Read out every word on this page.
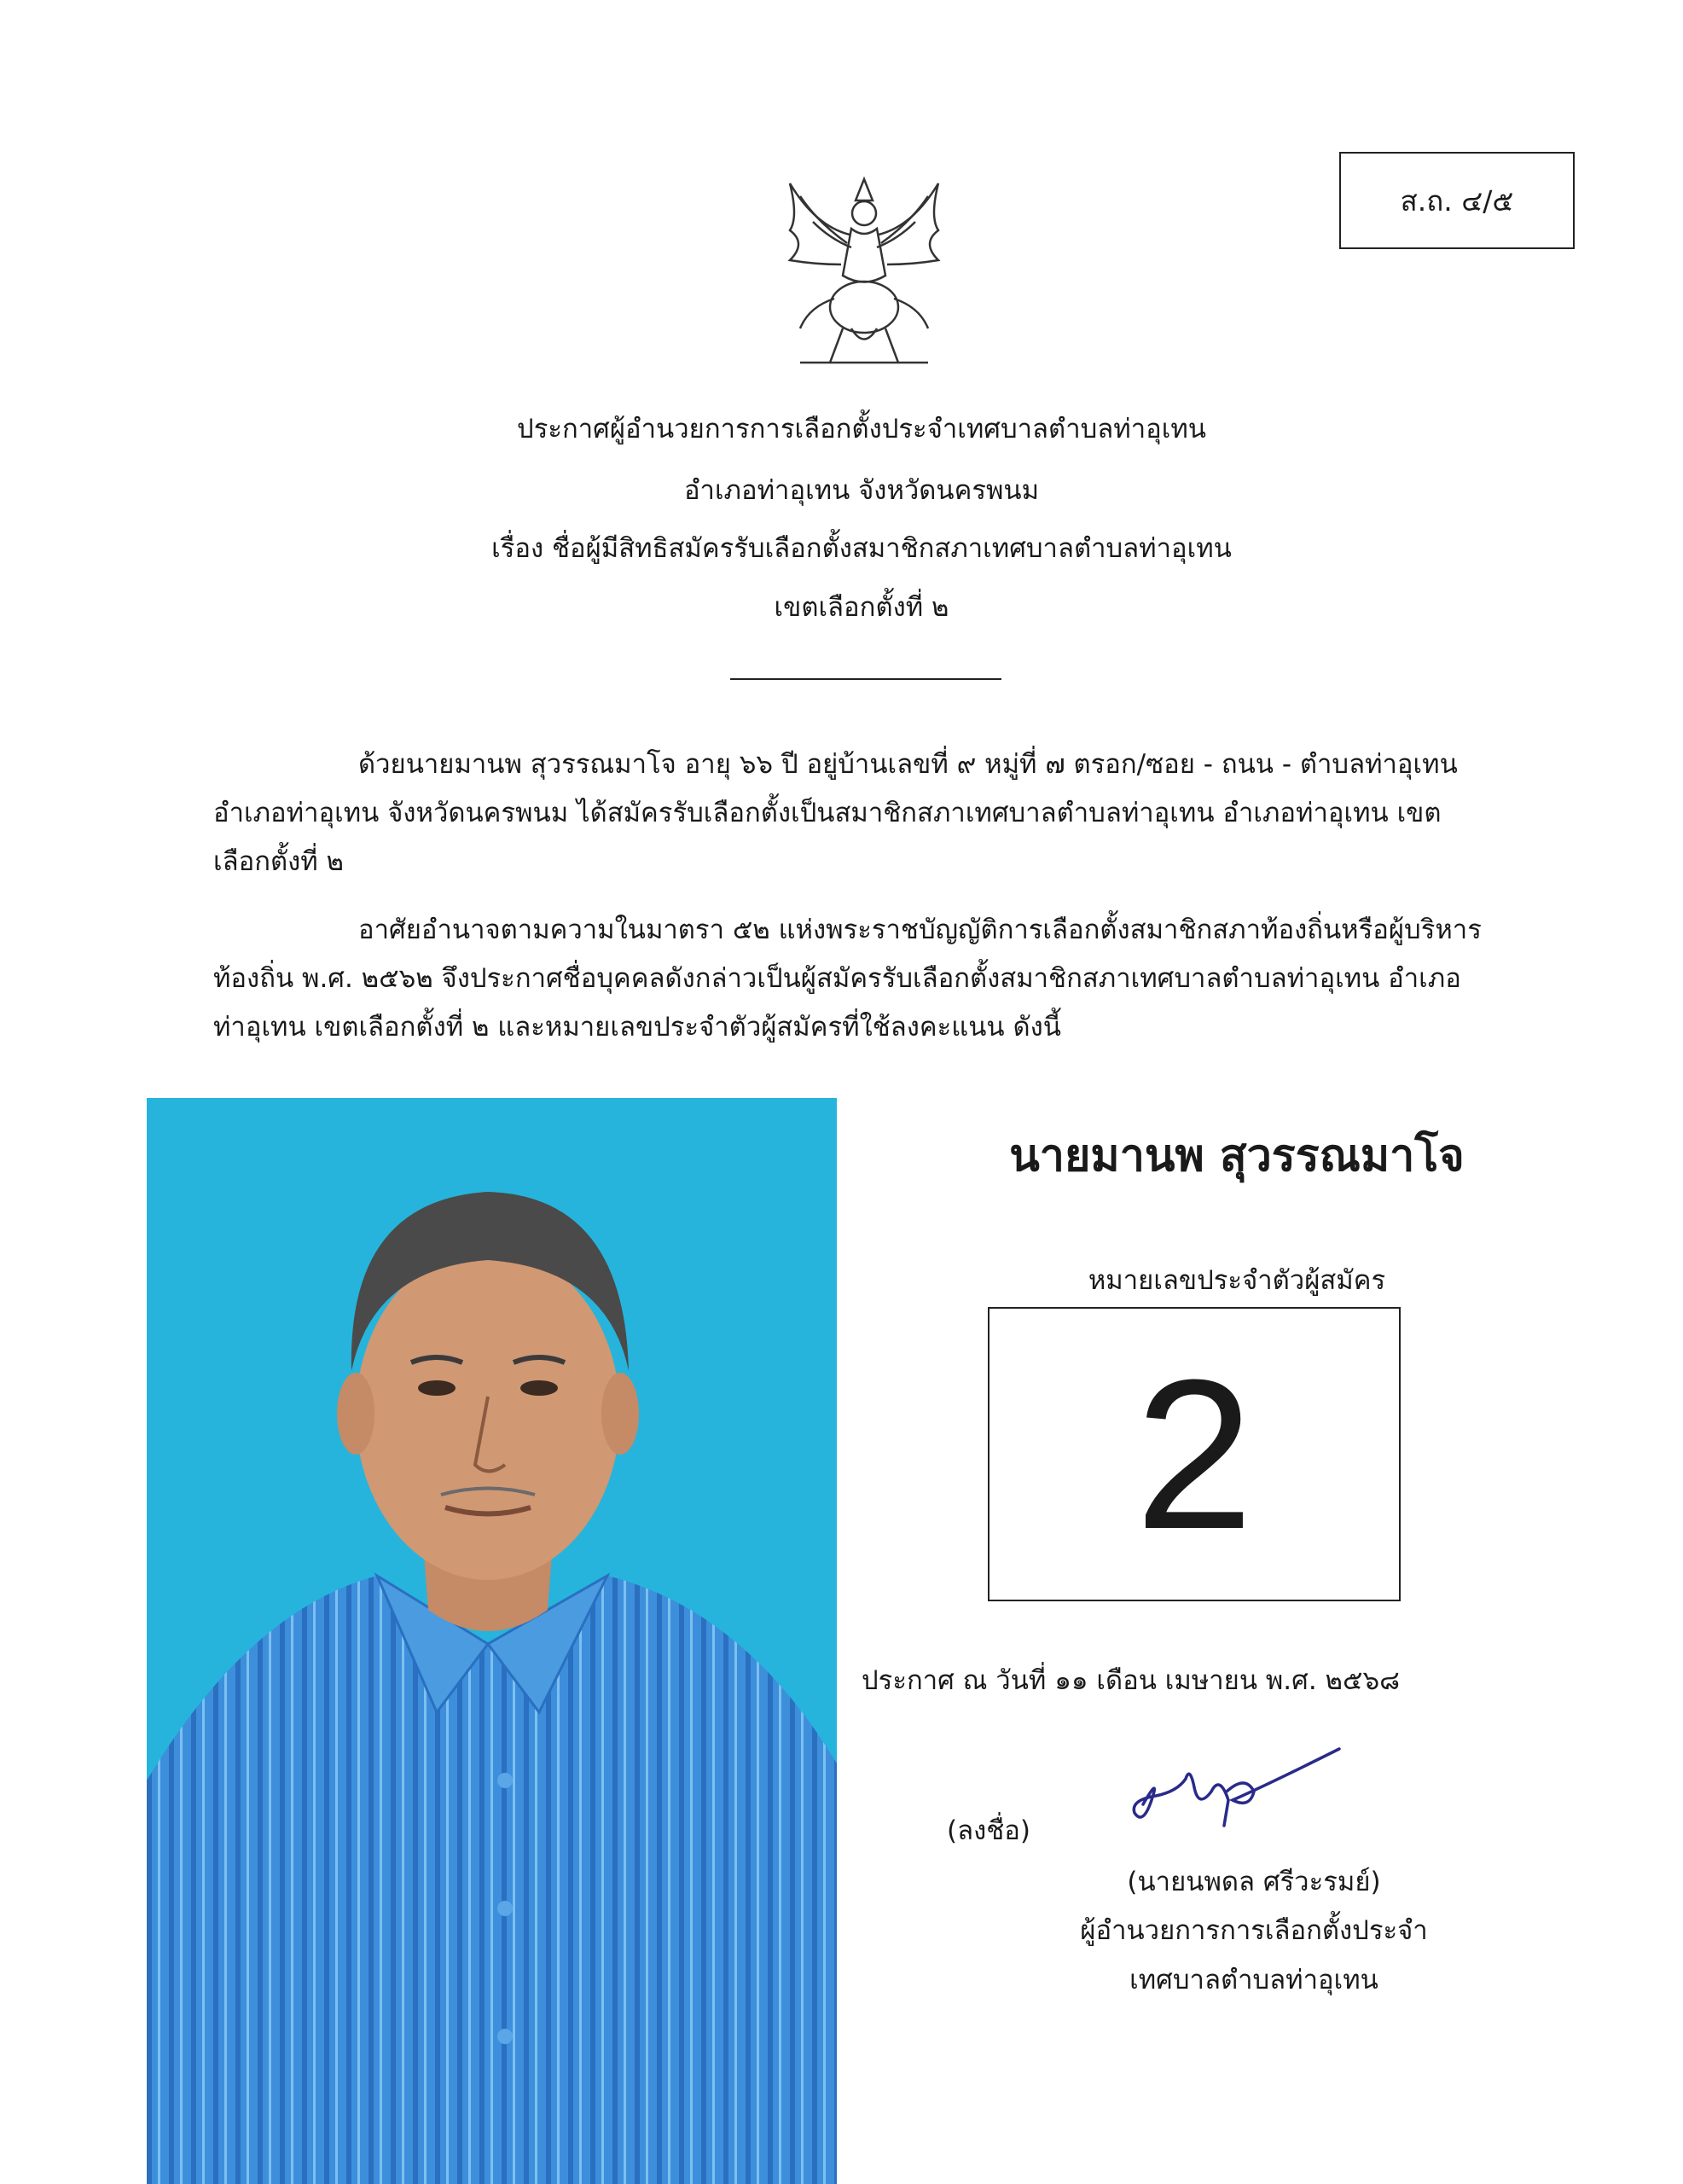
ส.ถ. ๔/๕
ประกาศผู้อำนวยการการเลือกตั้งประจำเทศบาลตำบลท่าอุเทน
อำเภอท่าอุเทน จังหวัดนครพนม
เรื่อง ชื่อผู้มีสิทธิสมัครรับเลือกตั้งสมาชิกสภาเทศบาลตำบลท่าอุเทน
เขตเลือกตั้งที่ ๒
ด้วยนายมานพ สุวรรณมาโจ อายุ ๖๖ ปี อยู่บ้านเลขที่ ๙ หมู่ที่ ๗ ตรอก/ซอย - ถนน - ตำบลท่าอุเทน
อำเภอท่าอุเทน จังหวัดนครพนม ได้สมัครรับเลือกตั้งเป็นสมาชิกสภาเทศบาลตำบลท่าอุเทน อำเภอท่าอุเทน เขต
เลือกตั้งที่ ๒
อาศัยอำนาจตามความในมาตรา ๕๒ แห่งพระราชบัญญัติการเลือกตั้งสมาชิกสภาท้องถิ่นหรือผู้บริหาร
ท้องถิ่น พ.ศ. ๒๕๖๒ จึงประกาศชื่อบุคคลดังกล่าวเป็นผู้สมัครรับเลือกตั้งสมาชิกสภาเทศบาลตำบลท่าอุเทน อำเภอ
ท่าอุเทน เขตเลือกตั้งที่ ๒ และหมายเลขประจำตัวผู้สมัครที่ใช้ลงคะแนน ดังนี้
นายมานพ สุวรรณมาโจ
หมายเลขประจำตัวผู้สมัคร
2
ประกาศ ณ วันที่ ๑๑ เดือน เมษายน พ.ศ. ๒๕๖๘
(ลงชื่อ)
(นายนพดล ศรีวะรมย์)
ผู้อำนวยการการเลือกตั้งประจำ
เทศบาลตำบลท่าอุเทน
